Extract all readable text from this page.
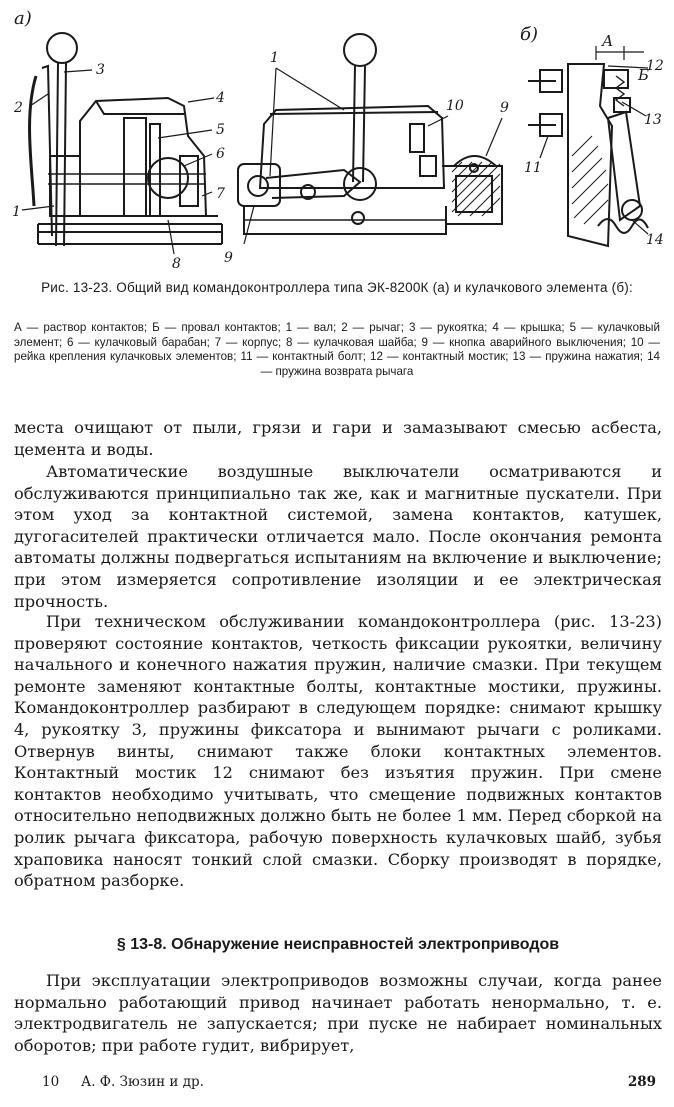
а)
б)	А
Б
3
2
4
5
6
7
1
8
1
9
10	9
12
13
11
14
Рис. 13-23. Общий вид командоконтроллера типа ЭК-8200К (а) и кулачкового элемента (б):
А — раствор контактов; Б — провал контактов; 1 — вал; 2 — рычаг; 3 — рукоятка; 4 — крышка; 5 — кулачковый элемент; 6 — кулачковый барабан; 7 — корпус; 8 — кулачковая шайба; 9 — кнопка аварийного выключения; 10 — рейка крепления кулачковых элементов; 11 — контактный болт; 12 — контактный мостик; 13 — пружина нажатия; 14 — пружина возврата рычага

места очищают от пыли, грязи и гари и замазывают смесью асбеста, цемента и воды.

Автоматические воздушные выключатели осматриваются и обслуживаются принципиально так же, как и магнитные пускатели. При этом уход за контактной системой, замена контактов, катушек, дугогасителей практически отличается мало. После окончания ремонта автоматы должны подвергаться испытаниям на включение и выключение; при этом измеряется сопротивление изоляции и ее электрическая прочность.

При техническом обслуживании командоконтроллера (рис. 13-23) проверяют состояние контактов, четкость фиксации рукоятки, величину начального и конечного нажатия пружин, наличие смазки. При текущем ремонте заменяют контактные болты, контактные мостики, пружины. Командоконтроллер разбирают в следующем порядке: снимают крышку 4, рукоятку 3, пружины фиксатора и вынимают рычаги с роликами. Отвернув винты, снимают также блоки контактных элементов. Контактный мостик 12 снимают без изъятия пружин. При смене контактов необходимо учитывать, что смещение подвижных контактов относительно неподвижных должно быть не более 1 мм. Перед сборкой на ролик рычага фиксатора, рабочую поверхность кулачковых шайб, зубья храповика наносят тонкий слой смазки. Сборку производят в порядке, обратном разборке.

§ 13-8. Обнаружение неисправностей электроприводов

При эксплуатации электроприводов возможны случаи, когда ранее нормально работающий привод начинает работать ненормально, т. е. электродвигатель не запускается; при пуске не набирает номинальных оборотов; при работе гудит, вибрирует,

10 А. Ф. Зюзин и др.	289
